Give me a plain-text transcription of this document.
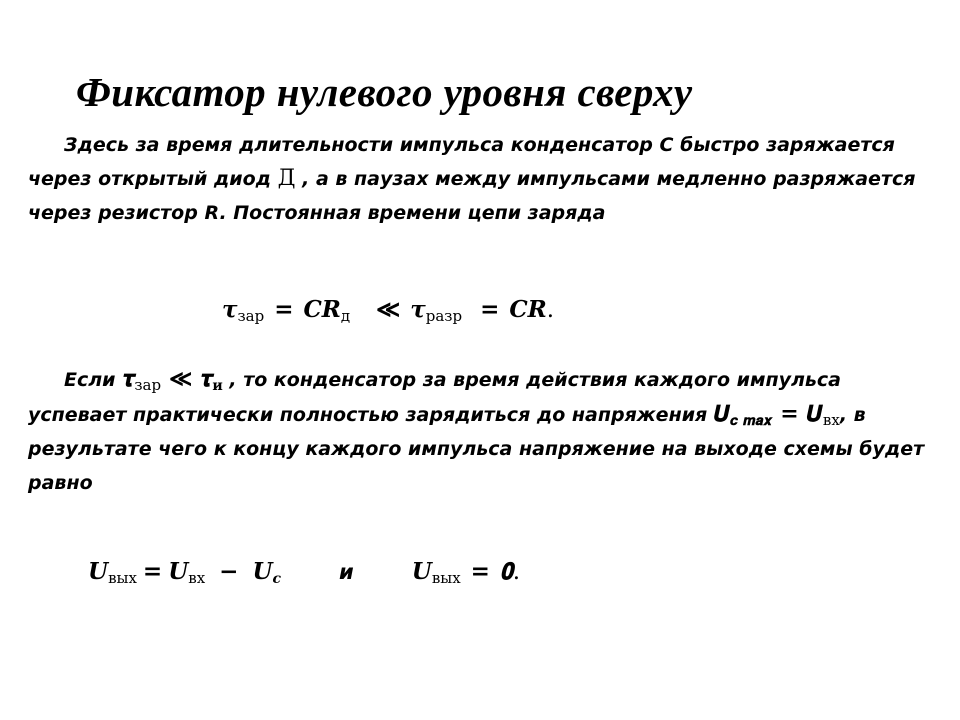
Фиксатор нулевого уровня сверху

Здесь за время длительности импульса конденсатор C быстро заряжается через открытый диод Д , а в паузах между импульсами медленно разряжается через резистор R. Постоянная времени цепи заряда

𝝉$_{зар}$ = 𝑪𝑹$_д$ ≪ 𝝉$_{разр}$ = 𝑪𝑹.

Если 𝝉$_{зар}$ ≪ 𝝉$_и$ , то конденсатор за время действия каждого импульса успевает практически полностью зарядиться до напряжения 𝑼$_{𝒄 𝒎𝒂𝒙}$ = 𝑼$_{вх}$, в результате чего к концу каждого импульса напряжение на выходе схемы будет равно

𝑼$_{вых}$ = 𝑼$_{вх}$ − 𝑼$_𝒄$	и	𝑼$_{вых}$ = 𝟎.
